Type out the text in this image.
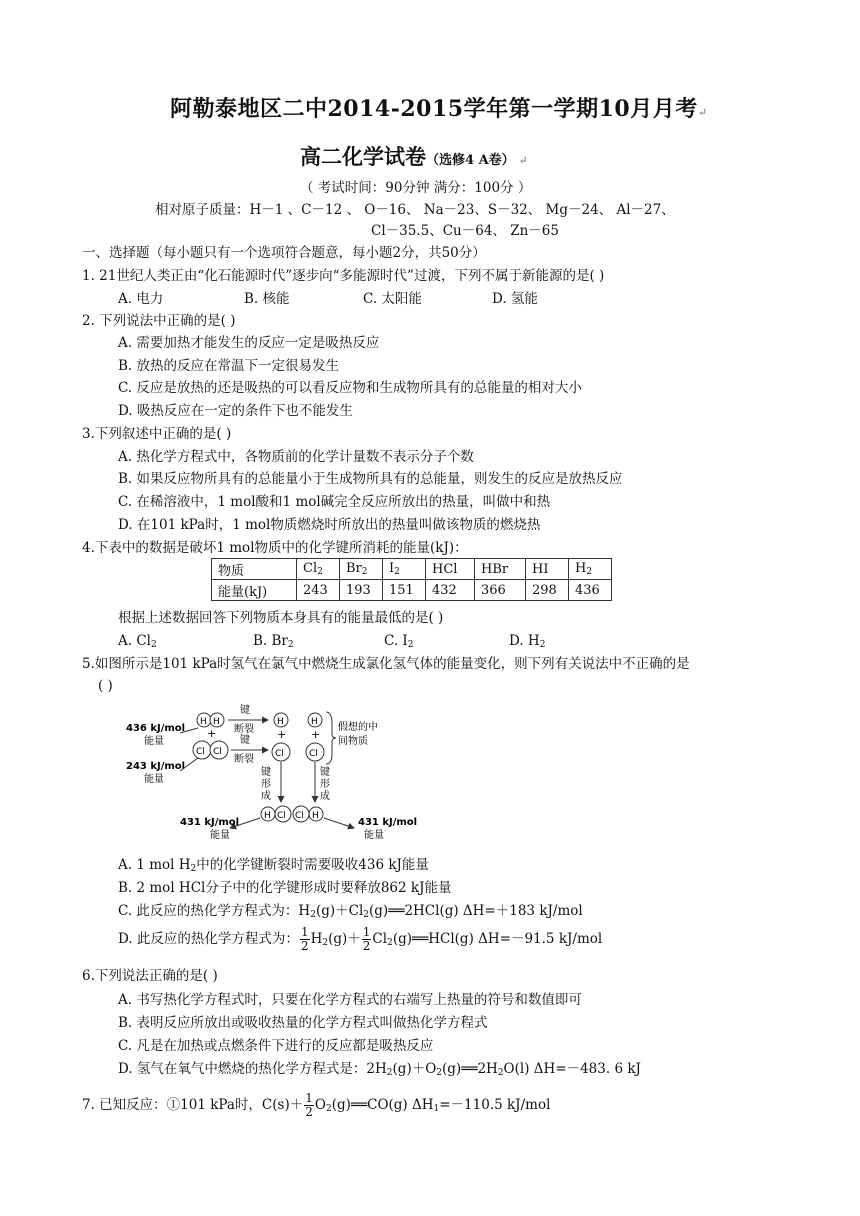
阿勒泰地区二中2014-2015学年第一学期10月月考↵
高二化学试卷（选修4 A卷） ↵
（ 考试时间：90分钟 满分：100分 ）
相对原子质量：H－1 、C－12 、 O－16、 Na－23、S－32、 Mg－24、 Al－27、
Cl－35.5、Cu－64、 Zn－65
一、选择题（每小题只有一个选项符合题意，每小题2分，共50分）
1. 21世纪人类正由“化石能源时代”逐步向“多能源时代”过渡，下列不属于新能源的是( )
A. 电力	B. 核能	C. 太阳能	D. 氢能
2. 下列说法中正确的是( )
A. 需要加热才能发生的反应一定是吸热反应
B. 放热的反应在常温下一定很易发生
C. 反应是放热的还是吸热的可以看反应物和生成物所具有的总能量的相对大小
D. 吸热反应在一定的条件下也不能发生
3.下列叙述中正确的是( )
A. 热化学方程式中，各物质前的化学计量数不表示分子个数
B. 如果反应物所具有的总能量小于生成物所具有的总能量，则发生的反应是放热反应
C. 在稀溶液中，1 mol酸和1 mol碱完全反应所放出的热量，叫做中和热
D. 在101 kPa时，1 mol物质燃烧时所放出的热量叫做该物质的燃烧热
4.下表中的数据是破坏1 mol物质中的化学键所消耗的能量(kJ)：
物质	$Cl_2$	$Br_2$	$I_2$	HCl	HBr	HI	$H_2$
能量(kJ)	243	193	151	432	366	298	436
根据上述数据回答下列物质本身具有的能量最低的是( )
A. $Cl_2$	B. $Br_2$	C. $I_2$	D. $H_2$
5.如图所示是101 kPa时氢气在氯气中燃烧生成氯化氢气体的能量变化，则下列有关说法中不正确的是
( )
436 kJ/mol
能量
243 kJ/mol
能量
H H
Cl Cl
+
键
断裂
键
断裂
H
+
Cl
H
+
Cl
假想的中
间物质
键
形
成
键
形
成
H Cl Cl H
431 kJ/mol
能量
431 kJ/mol
能量
A. 1 mol $H_2$中的化学键断裂时需要吸收436 kJ能量
B. 2 mol HCl分子中的化学键形成时要释放862 kJ能量
C. 此反应的热化学方程式为：$H_2(g)+Cl_2(g)══2HCl(g)$ ΔH=＋183 kJ/mol
D. 此反应的热化学方程式为： $\frac{1}{2} H_2(g)+ \frac{1}{2}$ $Cl_2(g)══HCl(g)$ ΔH=－91.5 kJ/mol
6.下列说法正确的是( )
A. 书写热化学方程式时，只要在化学方程式的右端写上热量的符号和数值即可
B. 表明反应所放出或吸收热量的化学方程式叫做热化学方程式
C. 凡是在加热或点燃条件下进行的反应都是吸热反应
D. 氢气在氧气中燃烧的热化学方程式是：$2H_2(g)+O_2(g)══2H_2O(l)$ ΔH=－483. 6 kJ
7. 已知反应：①101 kPa时，$C(s)+ \frac{1}{2}$ $O_2(g)══CO(g)$ $\Delta H_1=-110.5$ kJ/mol
